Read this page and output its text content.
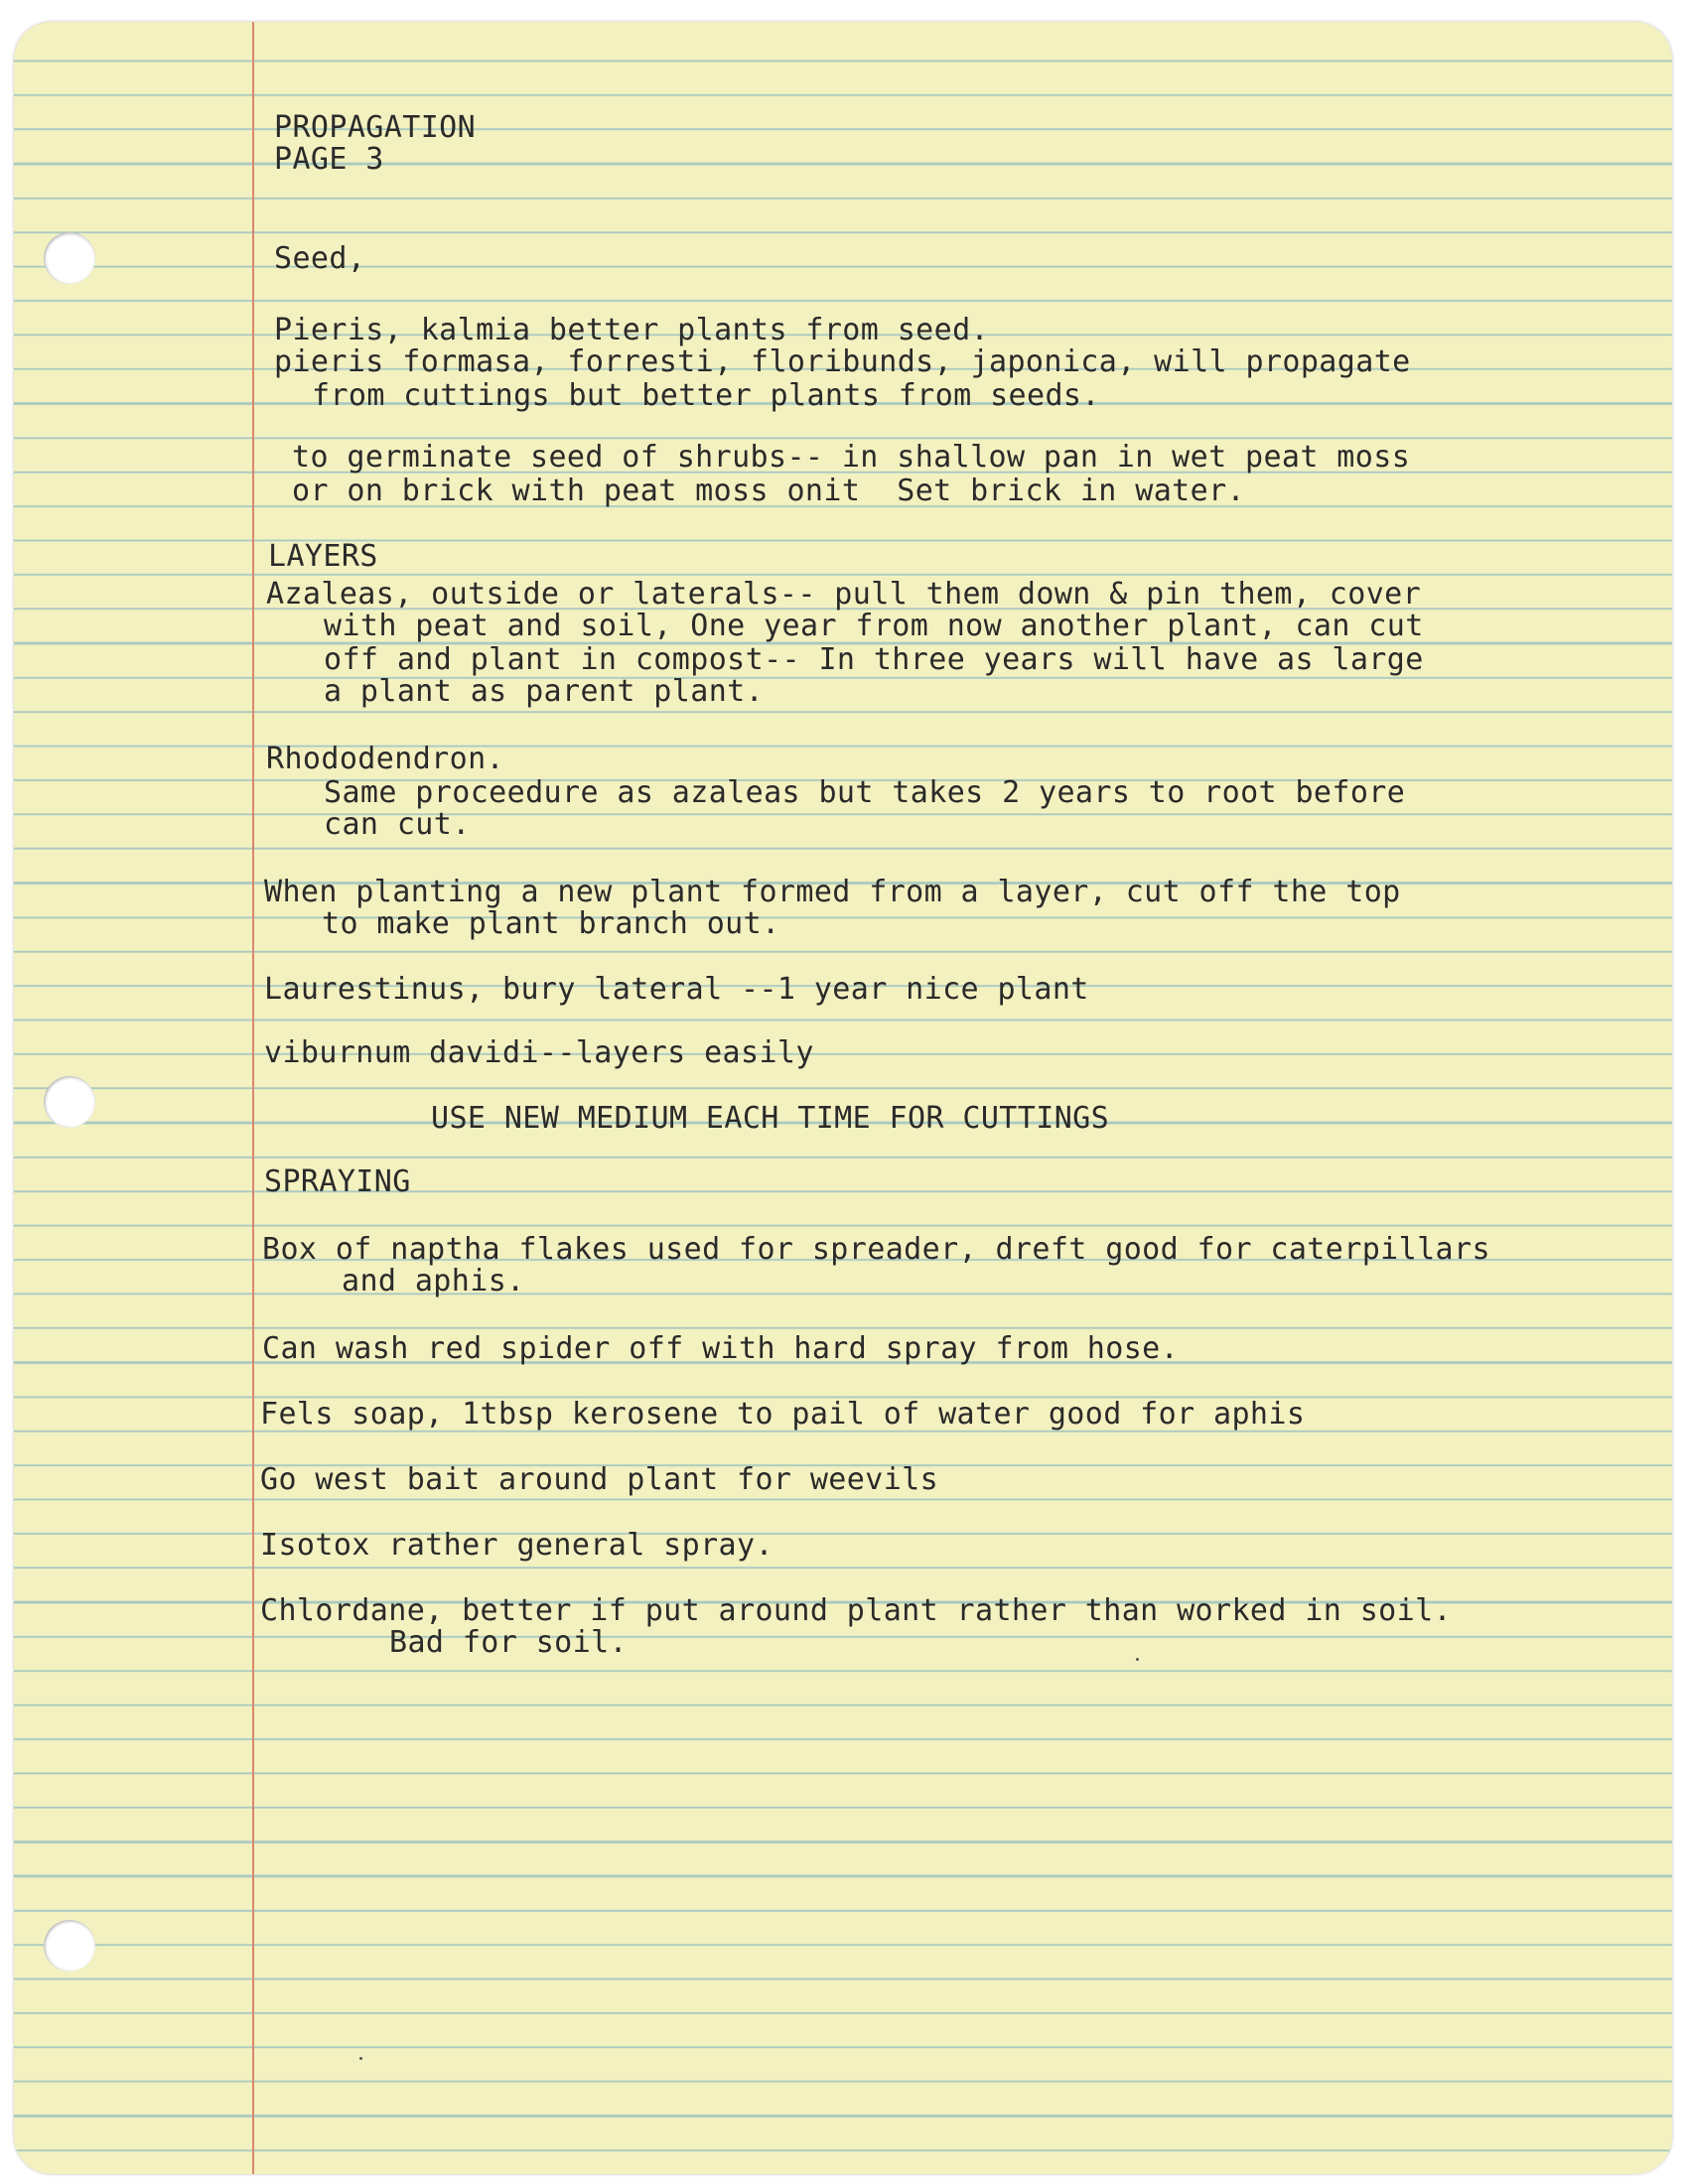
PROPAGATION
PAGE 3
Seed,
Pieris, kalmia better plants from seed.
pieris formasa, forresti, floribunds, japonica, will propagate
from cuttings but better plants from seeds.
to germinate seed of shrubs-- in shallow pan in wet peat moss
or on brick with peat moss onit  Set brick in water.
LAYERS
Azaleas, outside or laterals-- pull them down & pin them, cover
with peat and soil, One year from now another plant, can cut
off and plant in compost-- In three years will have as large
a plant as parent plant.
Rhododendron.
Same proceedure as azaleas but takes 2 years to root before
can cut.
When planting a new plant formed from a layer, cut off the top
to make plant branch out.
Laurestinus, bury lateral --1 year nice plant
viburnum davidi--layers easily
USE NEW MEDIUM EACH TIME FOR CUTTINGS
SPRAYING
Box of naptha flakes used for spreader, dreft good for caterpillars
and aphis.
Can wash red spider off with hard spray from hose.
Fels soap, 1tbsp kerosene to pail of water good for aphis
Go west bait around plant for weevils
Isotox rather general spray.
Chlordane, better if put around plant rather than worked in soil.
Bad for soil.
